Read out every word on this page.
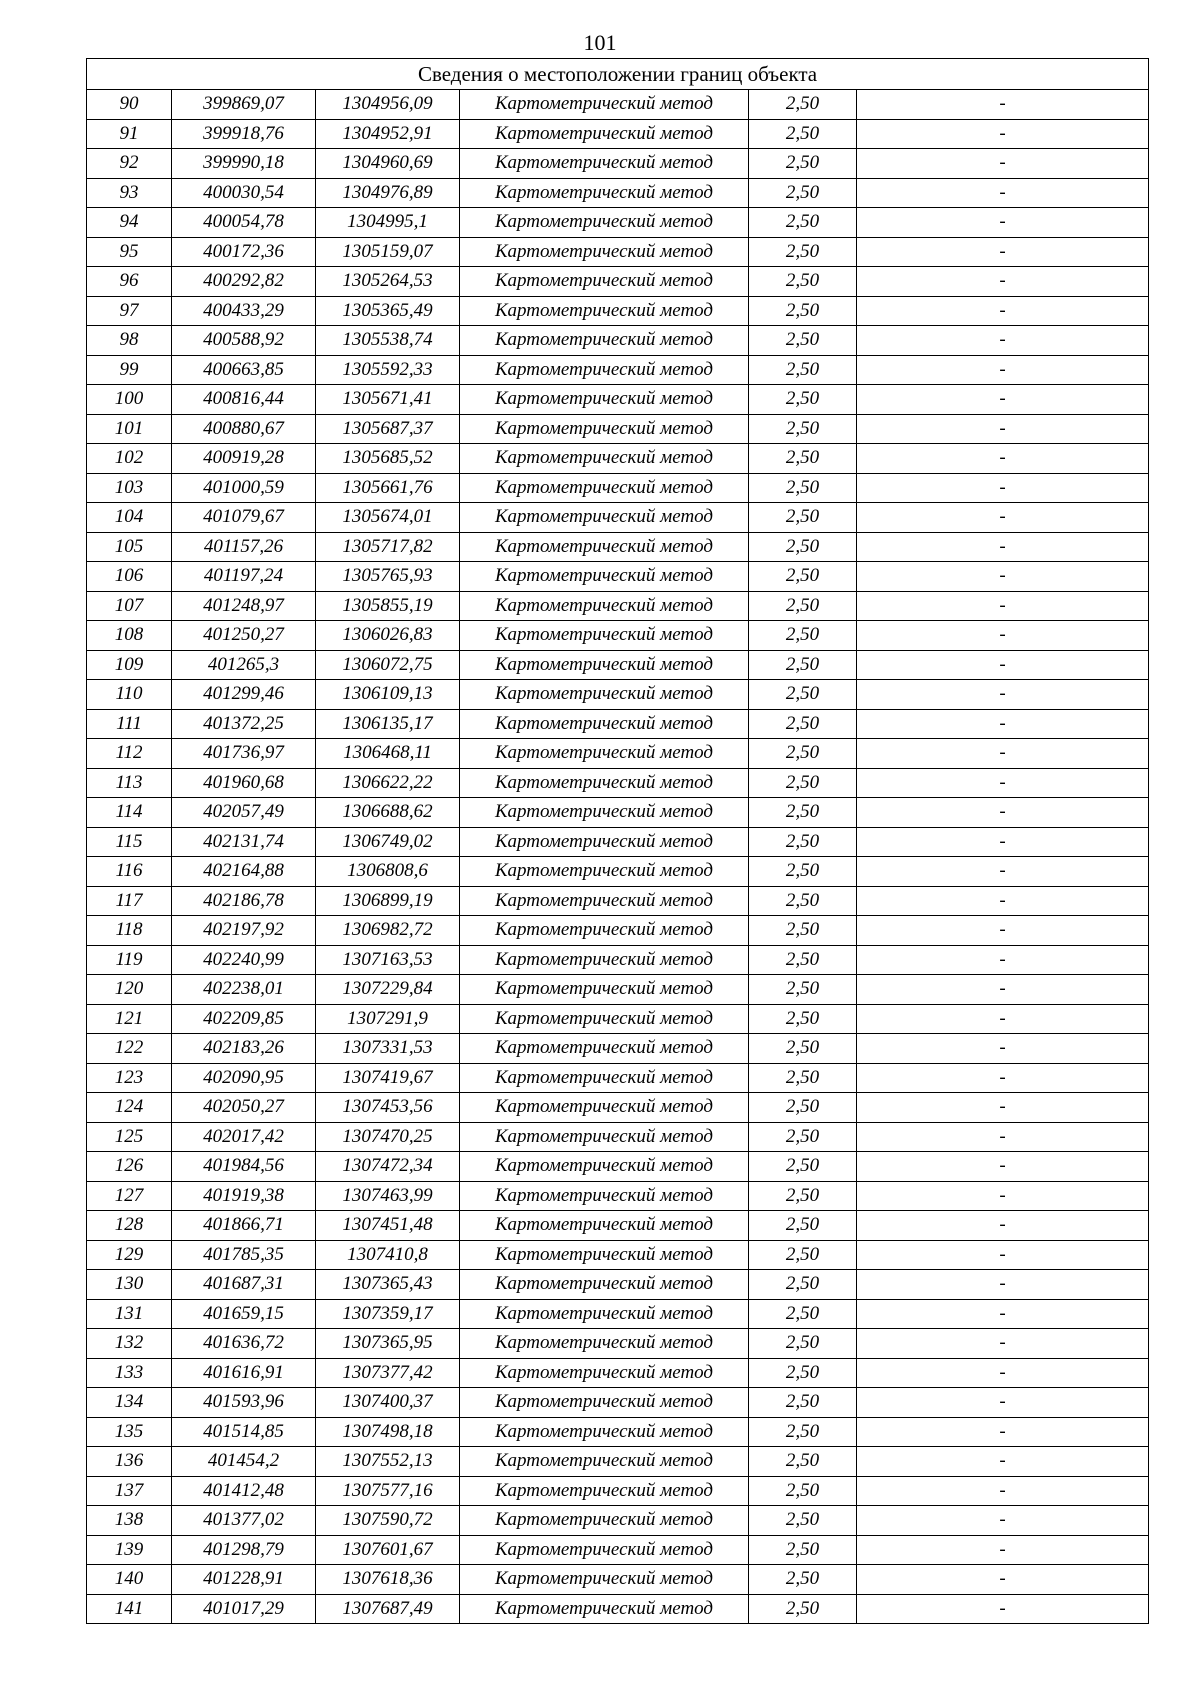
101
Сведения о местоположении границ объекта					
90	399869,07	1304956,09	Картометрический метод	2,50	-
91	399918,76	1304952,91	Картометрический метод	2,50	-
92	399990,18	1304960,69	Картометрический метод	2,50	-
93	400030,54	1304976,89	Картометрический метод	2,50	-
94	400054,78	1304995,1	Картометрический метод	2,50	-
95	400172,36	1305159,07	Картометрический метод	2,50	-
96	400292,82	1305264,53	Картометрический метод	2,50	-
97	400433,29	1305365,49	Картометрический метод	2,50	-
98	400588,92	1305538,74	Картометрический метод	2,50	-
99	400663,85	1305592,33	Картометрический метод	2,50	-
100	400816,44	1305671,41	Картометрический метод	2,50	-
101	400880,67	1305687,37	Картометрический метод	2,50	-
102	400919,28	1305685,52	Картометрический метод	2,50	-
103	401000,59	1305661,76	Картометрический метод	2,50	-
104	401079,67	1305674,01	Картометрический метод	2,50	-
105	401157,26	1305717,82	Картометрический метод	2,50	-
106	401197,24	1305765,93	Картометрический метод	2,50	-
107	401248,97	1305855,19	Картометрический метод	2,50	-
108	401250,27	1306026,83	Картометрический метод	2,50	-
109	401265,3	1306072,75	Картометрический метод	2,50	-
110	401299,46	1306109,13	Картометрический метод	2,50	-
111	401372,25	1306135,17	Картометрический метод	2,50	-
112	401736,97	1306468,11	Картометрический метод	2,50	-
113	401960,68	1306622,22	Картометрический метод	2,50	-
114	402057,49	1306688,62	Картометрический метод	2,50	-
115	402131,74	1306749,02	Картометрический метод	2,50	-
116	402164,88	1306808,6	Картометрический метод	2,50	-
117	402186,78	1306899,19	Картометрический метод	2,50	-
118	402197,92	1306982,72	Картометрический метод	2,50	-
119	402240,99	1307163,53	Картометрический метод	2,50	-
120	402238,01	1307229,84	Картометрический метод	2,50	-
121	402209,85	1307291,9	Картометрический метод	2,50	-
122	402183,26	1307331,53	Картометрический метод	2,50	-
123	402090,95	1307419,67	Картометрический метод	2,50	-
124	402050,27	1307453,56	Картометрический метод	2,50	-
125	402017,42	1307470,25	Картометрический метод	2,50	-
126	401984,56	1307472,34	Картометрический метод	2,50	-
127	401919,38	1307463,99	Картометрический метод	2,50	-
128	401866,71	1307451,48	Картометрический метод	2,50	-
129	401785,35	1307410,8	Картометрический метод	2,50	-
130	401687,31	1307365,43	Картометрический метод	2,50	-
131	401659,15	1307359,17	Картометрический метод	2,50	-
132	401636,72	1307365,95	Картометрический метод	2,50	-
133	401616,91	1307377,42	Картометрический метод	2,50	-
134	401593,96	1307400,37	Картометрический метод	2,50	-
135	401514,85	1307498,18	Картометрический метод	2,50	-
136	401454,2	1307552,13	Картометрический метод	2,50	-
137	401412,48	1307577,16	Картометрический метод	2,50	-
138	401377,02	1307590,72	Картометрический метод	2,50	-
139	401298,79	1307601,67	Картометрический метод	2,50	-
140	401228,91	1307618,36	Картометрический метод	2,50	-
141	401017,29	1307687,49	Картометрический метод	2,50	-
